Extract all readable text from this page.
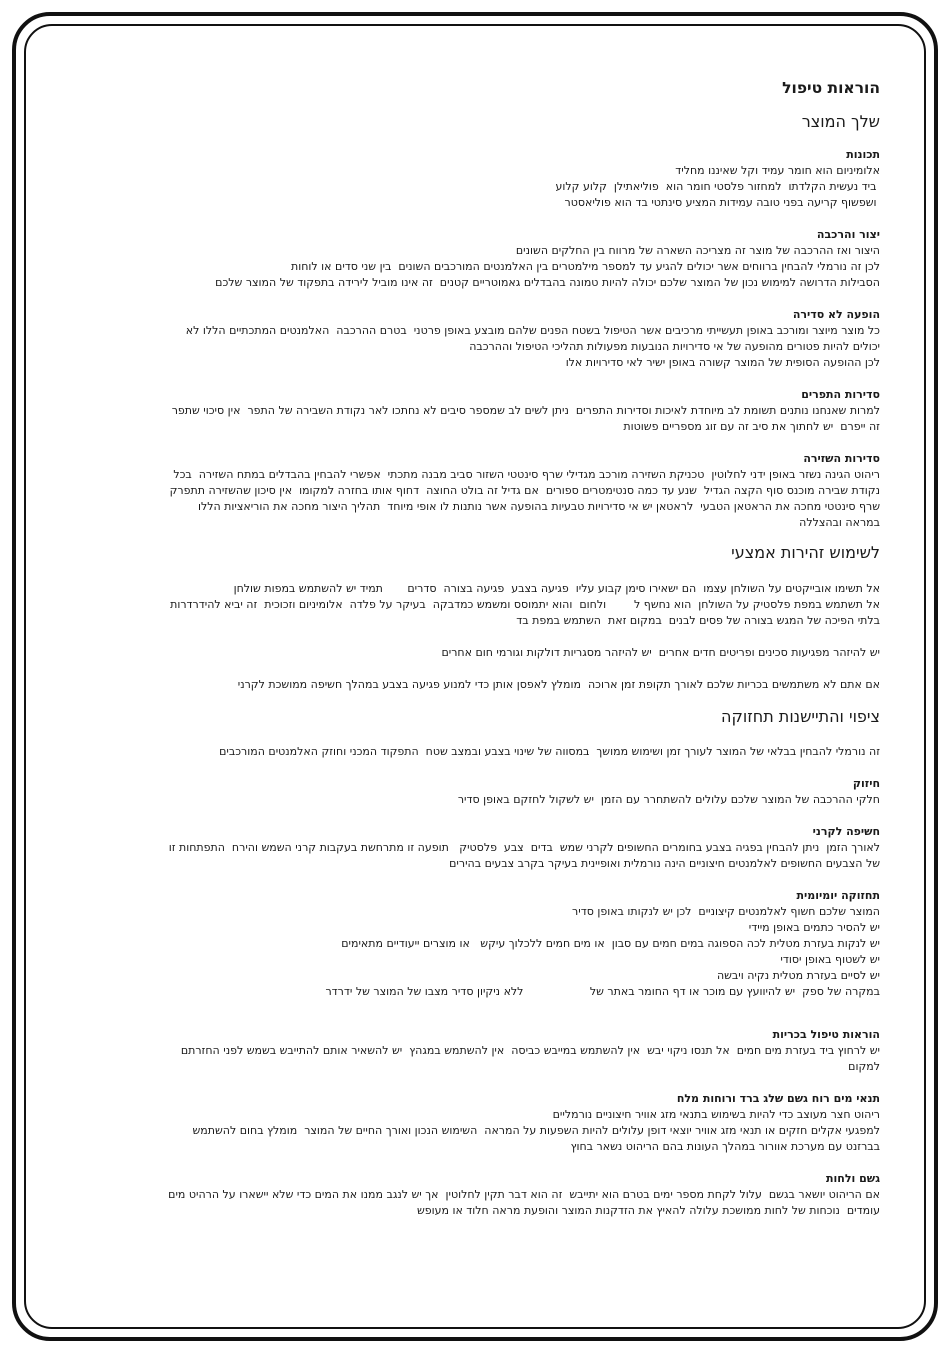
הוראות טיפול
שלך המוצר

תכונות

אלומיניום הוא חומר עמיד וקל שאיננו מחליד

ביד נעשית הקלדתו  למחזור פלסטי חומר הוא  פוליאתילן  קלוע קלוע

ושפשוף קריעה בפני טובה עמידות המציע סינתטי בד הוא פוליאסטר

יצור והרכבה

היצור ואז ההרכבה של מוצר זה מצריכה השארה של מרווח בין החלקים השונים

לכן זה נורמלי להבחין ברווחים אשר יכולים להגיע עד למספר מילמטרים בין האלמנטים המורכבים השונים  בין שני סדים או לוחות

הסבילות הדרושה למימוש נכון של המוצר שלכם יכולה להיות טמונה בהבדלים גאמוטריים קטנים  זה אינו מוביל לירידה בתפקוד של המוצר שלכם

הופעה לא סדירה

כל מוצר מיוצר ומורכב באופן תעשייתי מרכיבים אשר הטיפול בשטח הפנים שלהם מובצע באופן פרטני  בטרם ההרכבה  האלמנטים המתכתיים הללו לא

יכולים להיות פטורים מהופעה של אי סדירויות הנובעות מפעולות תהליכי הטיפול וההרכבה

לכן ההופעה הסופית של המוצר קשורה באופן ישיר לאי סדירויות אלו

סדירות התפרים

למרות שאנחנו נותנים תשומת לב מיוחדת לאיכות וסדירות התפרים  ניתן לשים לב שמספר סיבים לא נחתכו לאר נקודת השבירה של התפר  אין סיכוי שתפר

זה ייפרם  יש לחתוך את סיב זה עם זוג מספריים פשוטות

סדירות השזירה

ריהוט הגינה נשזר באופן ידני לחלוטין  טכניקת השזירה מורכב מגדילי שרף סינטטי השזור סביב מבנה מתכתי  אפשרי להבחין בהבדלים במתח השזירה  בכל

נקודת שבירה מוכנס סוף הקצה הגדיל  שנע עד כמה סנטימטרים ספורים  אם גדיל זה בולט החוצה  דחוף אותו בחזרה למקומו  אין סיכון שהשזירה תתפרק

שרף סינטטי מחכה את הראטאן הטבעי  לראטאן יש אי סדירויות טבעיות בהופעה אשר נותנות לו אופי מיוחד  תהליך היצור מחכה את הוריאציות הללו

במראה ובהצללה

לשימוש זהירות אמצעי

אל תשימו אובייקטים על השולחן עצמו  הם ישאירו סימן קבוע עליו  פגיעה בצבע  פגיעה בצורה  סדרים       תמיד יש להשתמש במפות שולחן

אל תשתמש במפת פלסטיק על השולחן  הוא נחשף ל        ולחום  והוא יתמוסס ומשמש כמדבקה  בעיקר על פלדה  אלומיניום וזכוכית  זה יביא להידרדרות

בלתי הפיכה של המגש בצורה של פסים לבנים  במקום זאת  השתמש במפת בד

יש להיזהר מפגיעות סכינים ופריטים חדים אחרים  יש להיזהר מסגריות דולקות וגורמי חום אחרים

אם אתם לא משתמשים בכריות שלכם לאורך תקופת זמן ארוכה  מומלץ לאפסן אותן כדי למנוע פגיעה בצבע במהלך חשיפה ממושכת לקרני

ציפוי והתיישנות תחזוקה

זה נורמלי להבחין בבלאי של המוצר לעורך זמן ושימוש ממושך  במסווה של שינוי בצבע ובמצב שטח  התפקוד המכני וחוזק האלמנטים המורכבים

חיזוק

חלקי ההרכבה של המוצר שלכם עלולים להשתחרר עם הזמן  יש לשקול לחזקם באופן סדיר

חשיפה לקרני

לאורך הזמן  ניתן להבחין בפגיה בצבע בחומרים החשופים לקרני שמש  בדים  צבע  פלסטיק   תופעה זו מתרחשת בעקבות קרני השמש והירח  התפתחות זו

של הצבעים החשופים לאלמנטים חיצוניים הינה נורמלית ואופיינית בעיקר בקרב צבעים בהירים

תחזוקה יומיומית

המוצר שלכם חשוף לאלמנטים קיצוניים  לכן יש לנקותו באופן סדיר

יש להסיר כתמים באופן מיידי

יש לנקות בעזרת מטלית לכה הספוגה במים חמים עם סבון  או מים חמים ללכלוך עיקש   או מוצרים ייעודיים מתאימים

יש לשטוף באופן יסודי

יש לסיים בעזרת מטלית נקיה ויבשה

במקרה של ספק  יש להיוועץ עם מוכר או דף החומר באתר של                   ללא ניקיון סדיר מצבו של המוצר של ידרדר

הוראות טיפול בכריות

יש לרחוץ ביד בעזרת מים חמים  אל תנסו ניקוי יבש  אין להשתמש במייבש כביסה  אין להשתמש במגהץ  יש להשאיר אותם להתייבש בשמש לפני החזרתם

למקום

תנאי מים רוח גשם שלג ברד ורוחות מלח

ריהוט חצר מעוצב כדי להיות בשימוש בתנאי מזג אוויר חיצוניים נורמליים

למפגעי אקלים חזקים או תנאי מזג אוויר יוצאי דופן עלולים להיות השפעות על המראה  השימוש הנכון ואורך החיים של המוצר  מומלץ בחום להשתמש

בברזנט עם מערכת אוורור במהלך העונות בהם הריהוט נשאר בחוץ

גשם ולחות

אם הריהוט יושאר בגשם  עלול לקחת מספר ימים בטרם הוא יתייבש  זה הוא דבר תקין לחלוטין  אך יש לנגב ממנו את המים כדי שלא יישארו על הרהיט מים

עומדים  נוכחות של לחות ממושכת עלולה להאיץ את הזדקנות המוצר והופעת מראה חלוד או מעופש
